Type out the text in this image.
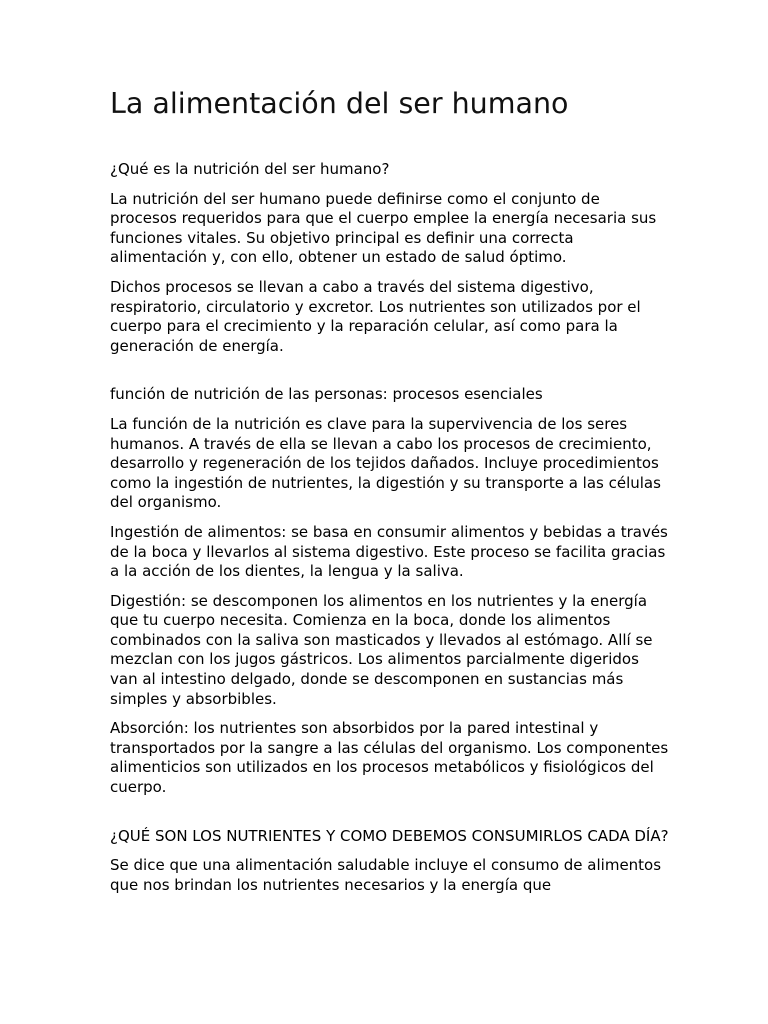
La alimentación del ser humano

¿Qué es la nutrición del ser humano?

La nutrición del ser humano puede definirse como el conjunto de procesos requeridos para que el cuerpo emplee la energía necesaria sus funciones vitales. Su objetivo principal es definir una correcta alimentación y, con ello, obtener un estado de salud óptimo.

Dichos procesos se llevan a cabo a través del sistema digestivo, respiratorio, circulatorio y excretor. Los nutrientes son utilizados por el cuerpo para el crecimiento y la reparación celular, así como para la generación de energía.

función de nutrición de las personas: procesos esenciales

La función de la nutrición es clave para la supervivencia de los seres humanos. A través de ella se llevan a cabo los procesos de crecimiento, desarrollo y regeneración de los tejidos dañados. Incluye procedimientos como la ingestión de nutrientes, la digestión y su transporte a las células del organismo.

Ingestión de alimentos: se basa en consumir alimentos y bebidas a través de la boca y llevarlos al sistema digestivo. Este proceso se facilita gracias a la acción de los dientes, la lengua y la saliva.

Digestión: se descomponen los alimentos en los nutrientes y la energía que tu cuerpo necesita. Comienza en la boca, donde los alimentos combinados con la saliva son masticados y llevados al estómago. Allí se mezclan con los jugos gástricos. Los alimentos parcialmente digeridos van al intestino delgado, donde se descomponen en sustancias más simples y absorbibles.

Absorción: los nutrientes son absorbidos por la pared intestinal y transportados por la sangre a las células del organismo. Los componentes alimenticios son utilizados en los procesos metabólicos y fisiológicos del cuerpo.

¿QUÉ SON LOS NUTRIENTES Y COMO DEBEMOS CONSUMIRLOS CADA DÍA?

Se dice que una alimentación saludable incluye el consumo de alimentos que nos brindan los nutrientes necesarios y la energía que
